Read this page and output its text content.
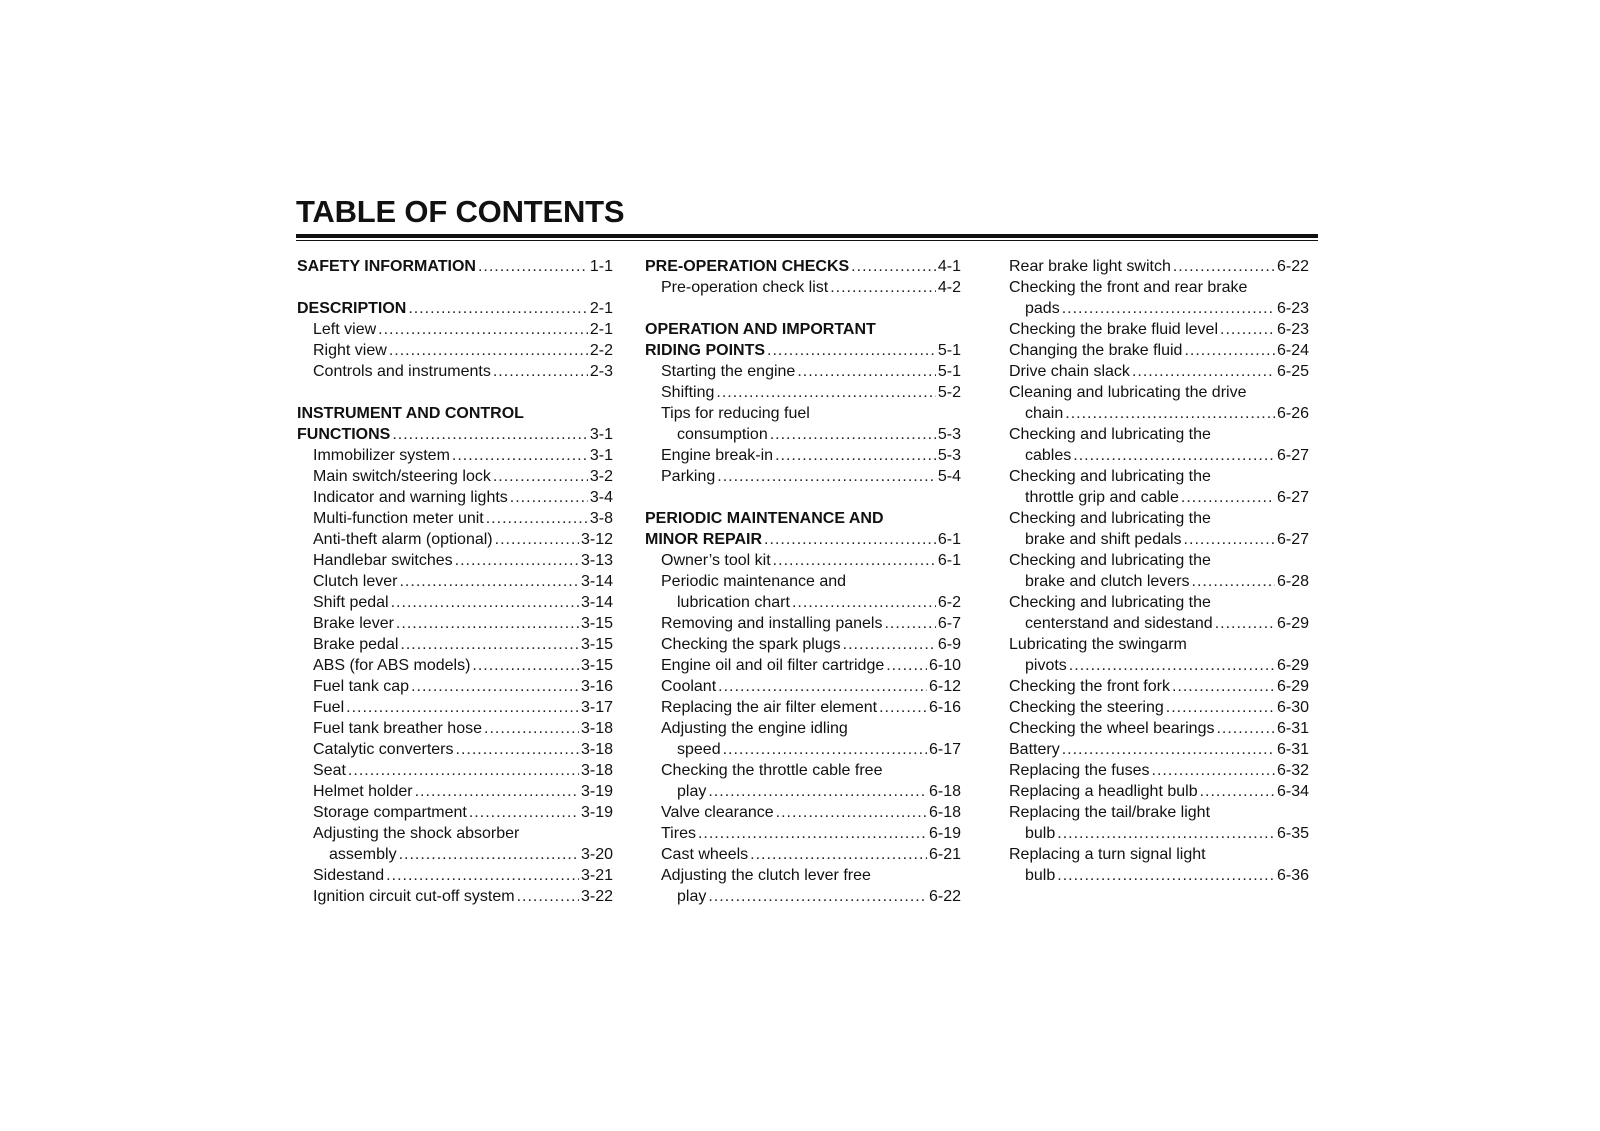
TABLE OF CONTENTS
SAFETY INFORMATION .....	1-1
DESCRIPTION .....	2-1
Left view .....	2-1
Right view .....	2-2
Controls and instruments .....	2-3
INSTRUMENT AND CONTROL
FUNCTIONS .....	3-1
Immobilizer system .....	3-1
Main switch/steering lock .....	3-2
Indicator and warning lights .....	3-4
Multi-function meter unit .....	3-8
Anti-theft alarm (optional) .....	3-12
Handlebar switches .....	3-13
Clutch lever .....	3-14
Shift pedal .....	3-14
Brake lever .....	3-15
Brake pedal .....	3-15
ABS (for ABS models) .....	3-15
Fuel tank cap .....	3-16
Fuel .....	3-17
Fuel tank breather hose .....	3-18
Catalytic converters .....	3-18
Seat .....	3-18
Helmet holder .....	3-19
Storage compartment .....	3-19
Adjusting the shock absorber
assembly .....	3-20
Sidestand .....	3-21
Ignition circuit cut-off system .....	3-22
PRE-OPERATION CHECKS .....	4-1
Pre-operation check list .....	4-2
OPERATION AND IMPORTANT
RIDING POINTS .....	5-1
Starting the engine .....	5-1
Shifting .....	5-2
Tips for reducing fuel
consumption .....	5-3
Engine break-in .....	5-3
Parking .....	5-4
PERIODIC MAINTENANCE AND
MINOR REPAIR .....	6-1
Owner’s tool kit .....	6-1
Periodic maintenance and
lubrication chart .....	6-2
Removing and installing panels .....	6-7
Checking the spark plugs .....	6-9
Engine oil and oil filter cartridge .....	6-10
Coolant .....	6-12
Replacing the air filter element .....	6-16
Adjusting the engine idling
speed .....	6-17
Checking the throttle cable free
play .....	6-18
Valve clearance .....	6-18
Tires .....	6-19
Cast wheels .....	6-21
Adjusting the clutch lever free
play .....	6-22
Rear brake light switch .....	6-22
Checking the front and rear brake
pads .....	6-23
Checking the brake fluid level .....	6-23
Changing the brake fluid .....	6-24
Drive chain slack .....	6-25
Cleaning and lubricating the drive
chain .....	6-26
Checking and lubricating the
cables .....	6-27
Checking and lubricating the
throttle grip and cable .....	6-27
Checking and lubricating the
brake and shift pedals .....	6-27
Checking and lubricating the
brake and clutch levers .....	6-28
Checking and lubricating the
centerstand and sidestand .....	6-29
Lubricating the swingarm
pivots .....	6-29
Checking the front fork .....	6-29
Checking the steering .....	6-30
Checking the wheel bearings .....	6-31
Battery .....	6-31
Replacing the fuses .....	6-32
Replacing a headlight bulb .....	6-34
Replacing the tail/brake light
bulb .....	6-35
Replacing a turn signal light
bulb .....	6-36
